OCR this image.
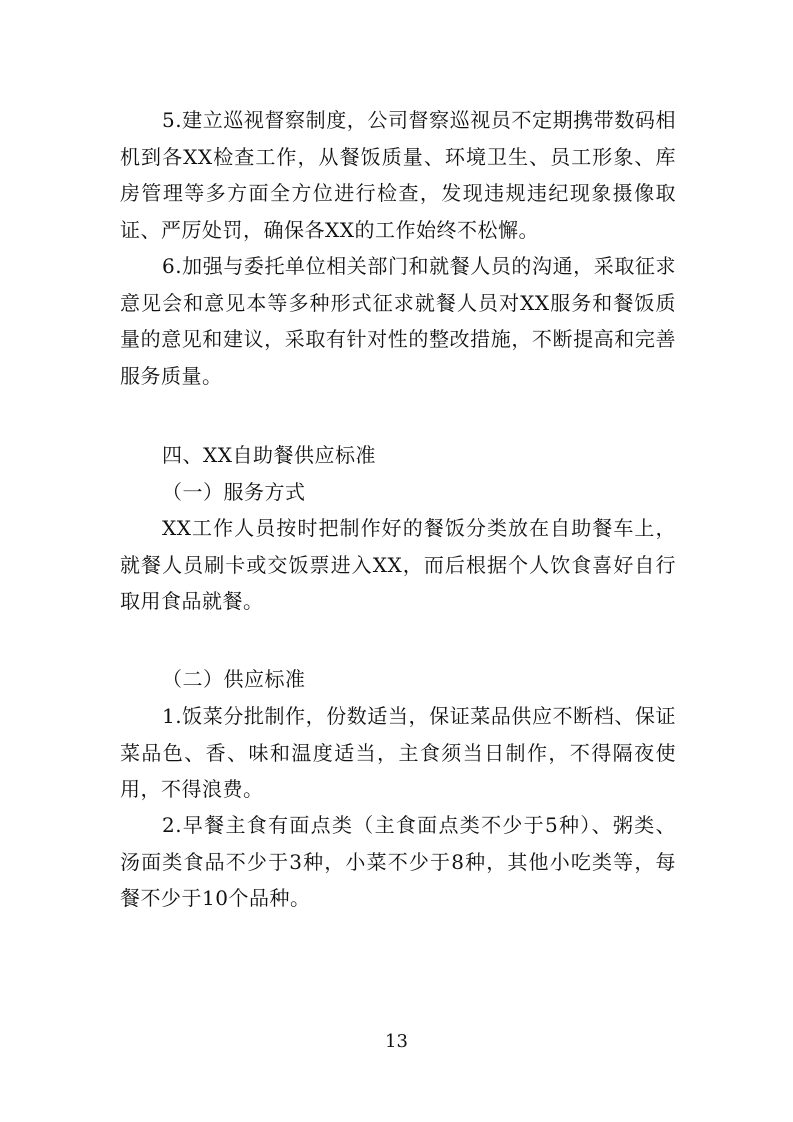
5.建立巡视督察制度，公司督察巡视员不定期携带数码相机到各XX检查工作，从餐饭质量、环境卫生、员工形象、库房管理等多方面全方位进行检查，发现违规违纪现象摄像取证、严厉处罚，确保各XX的工作始终不松懈。

6.加强与委托单位相关部门和就餐人员的沟通，采取征求意见会和意见本等多种形式征求就餐人员对XX服务和餐饭质量的意见和建议，采取有针对性的整改措施，不断提高和完善服务质量。

四、XX自助餐供应标准

（一）服务方式

XX工作人员按时把制作好的餐饭分类放在自助餐车上，就餐人员刷卡或交饭票进入XX，而后根据个人饮食喜好自行取用食品就餐。

（二）供应标准

1.饭菜分批制作，份数适当，保证菜品供应不断档、保证菜品色、香、味和温度适当，主食须当日制作，不得隔夜使用，不得浪费。

2.早餐主食有面点类（主食面点类不少于5种）、粥类、汤面类食品不少于3种，小菜不少于8种，其他小吃类等，每餐不少于10个品种。

13
